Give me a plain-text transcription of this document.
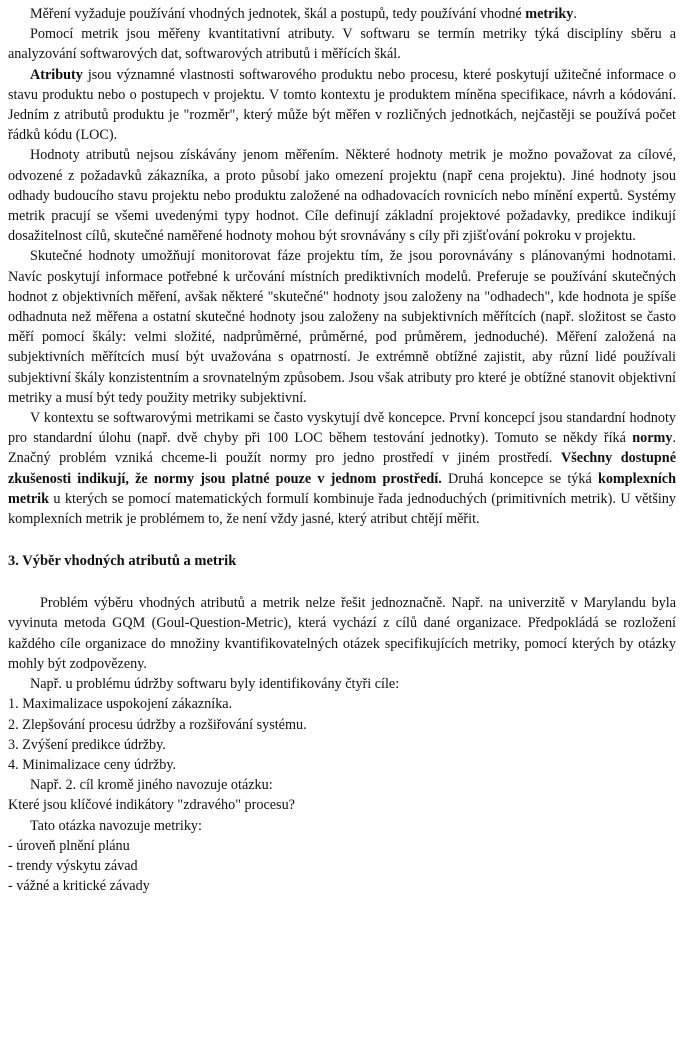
Měření vyžaduje používání vhodných jednotek, škál a postupů, tedy používání vhodné metriky.

Pomocí metrik jsou měřeny kvantitativní atributy. V softwaru se termín metriky týká disciplíny sběru a analyzování softwarových dat, softwarových atributů i měřících škál.

Atributy jsou významné vlastnosti softwarového produktu nebo procesu, které poskytují užitečné informace o stavu produktu nebo o postupech v projektu. V tomto kontextu je produktem míněna specifikace, návrh a kódování. Jedním z atributů produktu je "rozměr", který může být měřen v rozličných jednotkách, nejčastěji se používá počet řádků kódu (LOC).

Hodnoty atributů nejsou získávány jenom měřením. Některé hodnoty metrik je možno považovat za cílové, odvozené z požadavků zákazníka, a proto působí jako omezení projektu (např cena projektu). Jiné hodnoty jsou odhady budoucího stavu projektu nebo produktu založené na odhadovacích rovnicích nebo mínění expertů. Systémy metrik pracují se všemi uvedenými typy hodnot. Cíle definují základní projektové požadavky, predikce indikují dosažitelnost cílů, skutečné naměřené hodnoty mohou být srovnávány s cíly při zjišťování pokroku v projektu.

Skutečné hodnoty umožňují monitorovat fáze projektu tím, že jsou porovnávány s plánovanými hodnotami. Navíc poskytují informace potřebné k určování místních prediktivních modelů. Preferuje se používání skutečných hodnot z objektivních měření, avšak některé "skutečné" hodnoty jsou založeny na "odhadech", kde hodnota je spíše odhadnuta než měřena a ostatní skutečné hodnoty jsou založeny na subjektivních měřítcích (např. složitost se často měří pomocí škály: velmi složité, nadprůměrné, průměrné, pod průměrem, jednoduché). Měření založená na subjektivních měřítcích musí být uvažována s opatrností. Je extrémně obtížné zajistit, aby různí lidé používali subjektivní škály konzistentním a srovnatelným způsobem. Jsou však atributy pro které je obtížné stanovit objektivní metriky a musí být tedy použity metriky subjektivní.

V kontextu se softwarovými metrikami se často vyskytují dvě koncepce. První koncepcí jsou standardní hodnoty pro standardní úlohu (např. dvě chyby při 100 LOC během testování jednotky). Tomuto se někdy říká normy. Značný problém vzniká chceme-li použít normy pro jedno prostředí v jiném prostředí. Všechny dostupné zkušenosti indikují, že normy jsou platné pouze v jednom prostředí. Druhá koncepce se týká komplexních metrik u kterých se pomocí matematických formulí kombinuje řada jednoduchých (primitivních metrik). U většiny komplexních metrik je problémem to, že není vždy jasné, který atribut chtějí měřit.

3. Výběr vhodných atributů a metrik

Problém výběru vhodných atributů a metrik nelze řešit jednoznačně. Např. na univerzitě v Marylandu byla vyvinuta metoda GQM (Goul-Question-Metric), která vychází z cílů dané organizace. Předpokládá se rozložení každého cíle organizace do množiny kvantifikovatelných otázek specifikujících metriky, pomocí kterých by otázky mohly být zodpovězeny.

Např. u problému údržby softwaru byly identifikovány čtyři cíle:

1. Maximalizace uspokojení zákazníka.

2. Zlepšování procesu údržby a rozšiřování systému.

3. Zvýšení predikce údržby.

4. Minimalizace ceny údržby.

Např. 2. cíl kromě jiného navozuje otázku:

Které jsou klíčové indikátory "zdravého" procesu?

Tato otázka navozuje metriky:

- úroveň plnění plánu

- trendy výskytu závad

- vážné a kritické závady
